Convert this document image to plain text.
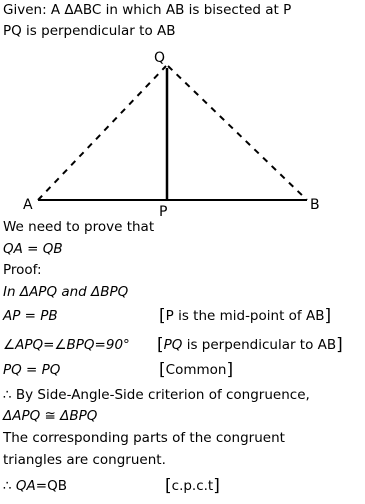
Given: A ΔABC in which AB is bisected at P
PQ is perpendicular to AB
Q
A	B
P
We need to prove that
QA = QB
Proof:
In ΔAPQ and ΔBPQ
AP = PB	[P is the mid-point of AB]
∠APQ=∠BPQ=90° [PQ is perpendicular to AB]
PQ = PQ	[Common]
∴ By Side-Angle-Side criterion of congruence,
ΔAPQ ≅ ΔBPQ
The corresponding parts of the congruent
triangles are congruent.
∴ QA=QB	[c.p.c.t]
